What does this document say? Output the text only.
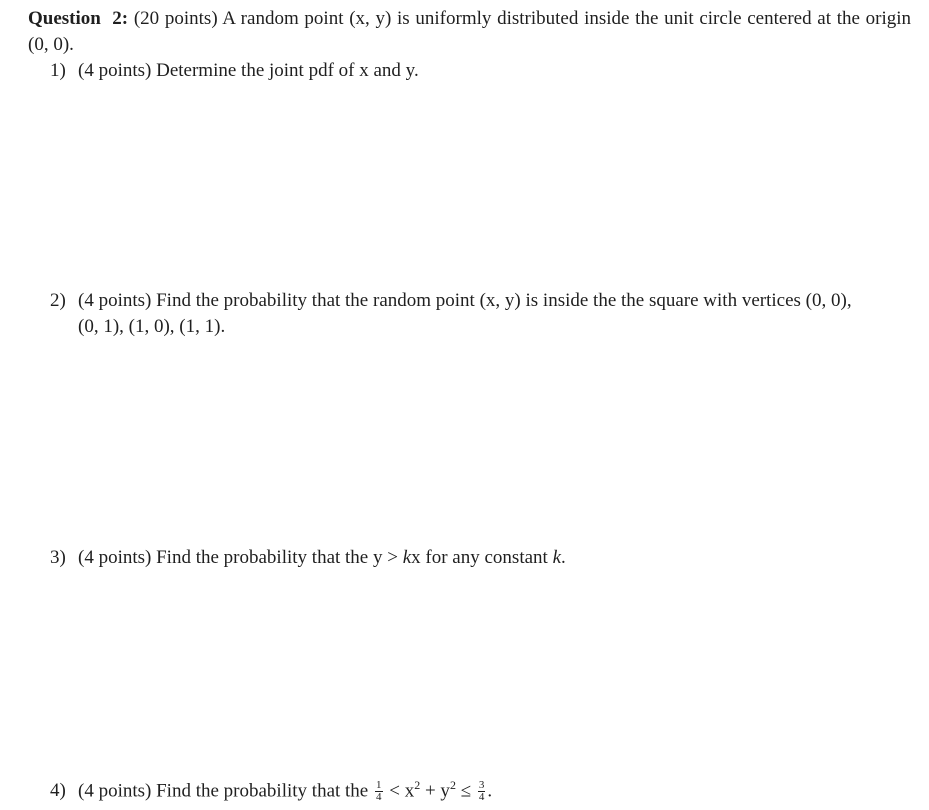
Question 2: (20 points) A random point (x, y) is uniformly distributed inside the unit circle centered at the origin (0, 0).
1) (4 points) Determine the joint pdf of x and y.
2) (4 points) Find the probability that the random point (x, y) is inside the the square with vertices (0, 0),
(0, 1), (1, 0), (1, 1).
3) (4 points) Find the probability that the y > kx for any constant k.
4) (4 points) Find the probability that the $\frac{1}{4} < x^2 + y^2 \le \frac{3}{4}$ .
